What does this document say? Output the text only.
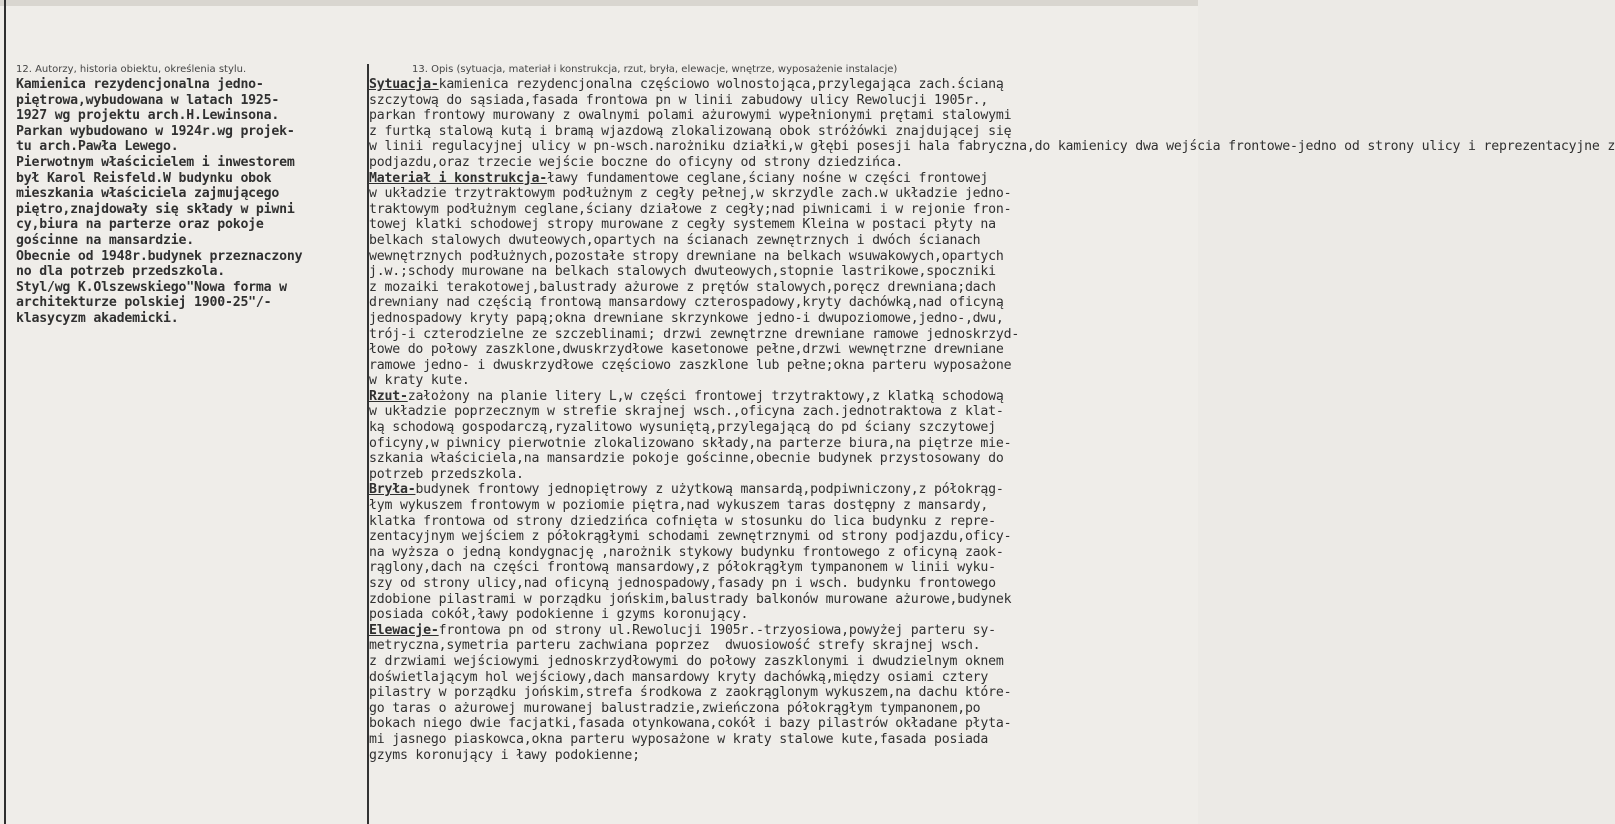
12. Autorzy, historia obiektu, określenia stylu.	13. Opis (sytuacja, materiał i konstrukcja, rzut, bryła, elewacje, wnętrze, wyposażenie instalacje)
Kamienica rezydencjonalna jedno-
piętrowa,wybudowana w latach 1925-
1927 wg projektu arch.H.Lewinsona.
Parkan wybudowano w 1924r.wg projek-
tu arch.Pawła Lewego.
Pierwotnym właścicielem i inwestorem
był Karol Reisfeld.W budynku obok
mieszkania właściciela zajmującego
piętro,znajdowały się składy w piwni
cy,biura na parterze oraz pokoje
gościnne na mansardzie.
Obecnie od 1948r.budynek przeznaczony
no dla potrzeb przedszkola.
Styl/wg K.Olszewskiego"Nowa forma w
architekturze polskiej 1900-25"/-
klasycyzm akademicki.
Sytuacja-kamienica rezydencjonalna częściowo wolnostojąca,przylegająca zach.ścianą
szczytową do sąsiada,fasada frontowa pn w linii zabudowy ulicy Rewolucji 1905r.,
parkan frontowy murowany z owalnymi polami ażurowymi wypełnionymi prętami stalowymi
z furtką stalową kutą i bramą wjazdową zlokalizowaną obok stróżówki znajdującej się
w linii regulacyjnej ulicy w pn-wsch.narożniku działki,w głębi posesji hala fabryczna,do kamienicy dwa wejścia frontowe-jedno od strony ulicy i reprezentacyjne z
podjazdu,oraz trzecie wejście boczne do oficyny od strony dziedzińca.
Materiał i konstrukcja-ławy fundamentowe ceglane,ściany nośne w części frontowej
w układzie trzytraktowym podłużnym z cegły pełnej,w skrzydle zach.w układzie jedno-
traktowym podłużnym ceglane,ściany działowe z cegły;nad piwnicami i w rejonie fron-
towej klatki schodowej stropy murowane z cegły systemem Kleina w postaci płyty na
belkach stalowych dwuteowych,opartych na ścianach zewnętrznych i dwóch ścianach
wewnętrznych podłużnych,pozostałe stropy drewniane na belkach wsuwakowych,opartych
j.w.;schody murowane na belkach stalowych dwuteowych,stopnie lastrikowe,spoczniki
z mozaiki terakotowej,balustrady ażurowe z prętów stalowych,poręcz drewniana;dach
drewniany nad częścią frontową mansardowy czterospadowy,kryty dachówką,nad oficyną
jednospadowy kryty papą;okna drewniane skrzynkowe jedno-i dwupoziomowe,jedno-,dwu,
trój-i czterodzielne ze szczeblinami; drzwi zewnętrzne drewniane ramowe jednoskrzyd-
łowe do połowy zaszklone,dwuskrzydłowe kasetonowe pełne,drzwi wewnętrzne drewniane
ramowe jedno- i dwuskrzydłowe częściowo zaszklone lub pełne;okna parteru wyposażone
w kraty kute.
Rzut-założony na planie litery L,w części frontowej trzytraktowy,z klatką schodową
w układzie poprzecznym w strefie skrajnej wsch.,oficyna zach.jednotraktowa z klat-
ką schodową gospodarczą,ryzalitowo wysuniętą,przylegającą do pd ściany szczytowej
oficyny,w piwnicy pierwotnie zlokalizowano składy,na parterze biura,na piętrze mie-
szkania właściciela,na mansardzie pokoje gościnne,obecnie budynek przystosowany do
potrzeb przedszkola.
Bryła-budynek frontowy jednopiętrowy z użytkową mansardą,podpiwniczony,z półokrąg-
łym wykuszem frontowym w poziomie piętra,nad wykuszem taras dostępny z mansardy,
klatka frontowa od strony dziedzińca cofnięta w stosunku do lica budynku z repre-
zentacyjnym wejściem z półokrągłymi schodami zewnętrznymi od strony podjazdu,oficy-
na wyższa o jedną kondygnację ,narożnik stykowy budynku frontowego z oficyną zaok-
rąglony,dach na części frontową mansardowy,z półokrągłym tympanonem w linii wyku-
szy od strony ulicy,nad oficyną jednospadowy,fasady pn i wsch. budynku frontowego
zdobione pilastrami w porządku jońskim,balustrady balkonów murowane ażurowe,budynek
posiada cokół,ławy podokienne i gzyms koronujący.
Elewacje-frontowa pn od strony ul.Rewolucji 1905r.-trzyosiowa,powyżej parteru sy-
metryczna,symetria parteru zachwiana poprzez  dwuosiowość strefy skrajnej wsch.
z drzwiami wejściowymi jednoskrzydłowymi do połowy zaszklonymi i dwudzielnym oknem
doświetlającym hol wejściowy,dach mansardowy kryty dachówką,między osiami cztery
pilastry w porządku jońskim,strefa środkowa z zaokrąglonym wykuszem,na dachu które-
go taras o ażurowej murowanej balustradzie,zwieńczona półokrągłym tympanonem,po
bokach niego dwie facjatki,fasada otynkowana,cokół i bazy pilastrów okładane płyta-
mi jasnego piaskowca,okna parteru wyposażone w kraty stalowe kute,fasada posiada
gzyms koronujący i ławy podokienne;
